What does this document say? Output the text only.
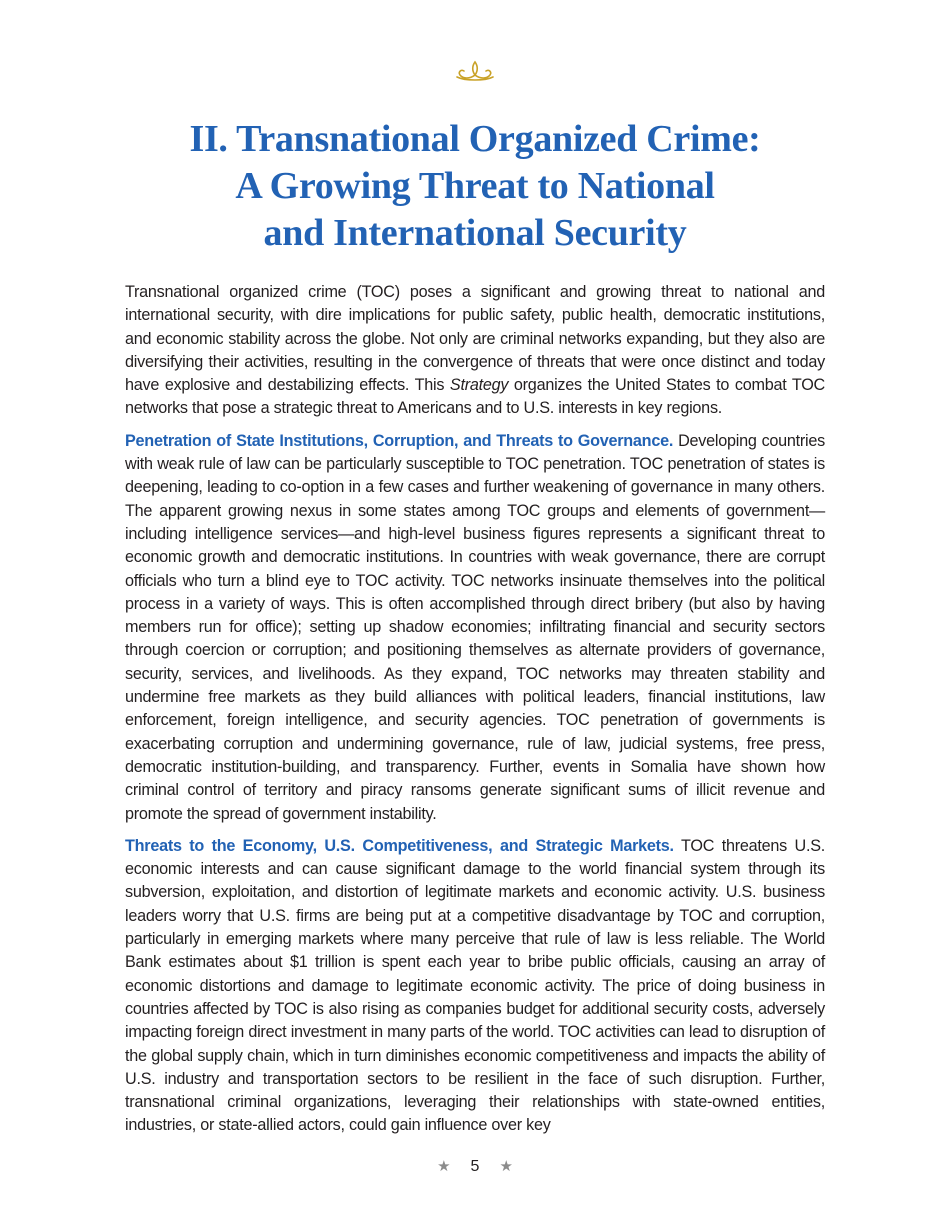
II. Transnational Organized Crime:
A Growing Threat to National
and International Security

Transnational organized crime (TOC) poses a significant and growing threat to national and international security, with dire implications for public safety, public health, democratic institutions, and economic stability across the globe. Not only are criminal networks expanding, but they also are diversifying their activities, resulting in the convergence of threats that were once distinct and today have explosive and destabilizing effects. This Strategy organizes the United States to combat TOC networks that pose a strategic threat to Americans and to U.S. interests in key regions.

Penetration of State Institutions, Corruption, and Threats to Governance. Developing countries with weak rule of law can be particularly susceptible to TOC penetration. TOC penetration of states is deepening, leading to co-option in a few cases and further weakening of governance in many others. The apparent growing nexus in some states among TOC groups and elements of government—including intelligence services—and high-level business figures represents a significant threat to economic growth and democratic institutions. In countries with weak governance, there are corrupt officials who turn a blind eye to TOC activity. TOC networks insinuate themselves into the political process in a variety of ways. This is often accomplished through direct bribery (but also by having members run for office); setting up shadow economies; infiltrating financial and security sectors through coercion or corruption; and positioning themselves as alternate providers of governance, security, services, and livelihoods. As they expand, TOC networks may threaten stability and undermine free markets as they build alliances with political leaders, financial institutions, law enforcement, foreign intelligence, and security agencies. TOC penetration of governments is exacerbating corruption and undermining governance, rule of law, judicial systems, free press, democratic institution-building, and transparency. Further, events in Somalia have shown how criminal control of territory and piracy ransoms generate significant sums of illicit revenue and promote the spread of government instability.

Threats to the Economy, U.S. Competitiveness, and Strategic Markets. TOC threatens U.S. economic interests and can cause significant damage to the world financial system through its subversion, exploitation, and distortion of legitimate markets and economic activity. U.S. business leaders worry that U.S. firms are being put at a competitive disadvantage by TOC and corruption, particularly in emerging markets where many perceive that rule of law is less reliable. The World Bank estimates about $1 trillion is spent each year to bribe public officials, causing an array of economic distortions and damage to legitimate economic activity. The price of doing business in countries affected by TOC is also rising as companies budget for additional security costs, adversely impacting foreign direct investment in many parts of the world. TOC activities can lead to disruption of the global supply chain, which in turn diminishes economic competitiveness and impacts the ability of U.S. industry and transportation sectors to be resilient in the face of such disruption. Further, transnational criminal organizations, leveraging their relationships with state-owned entities, industries, or state-allied actors, could gain influence over key

★ 5 ★
